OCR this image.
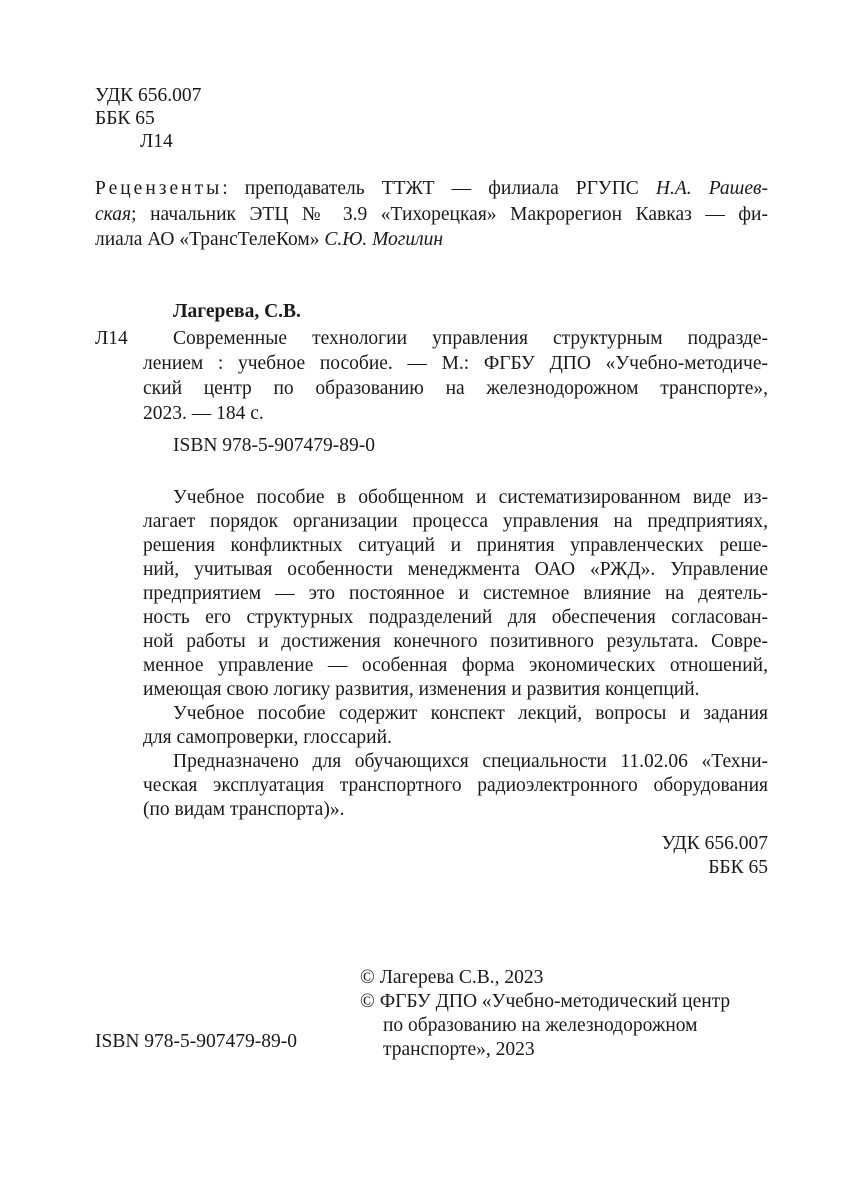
УДК 656.007
ББК 65
Л14
Рецензенты: преподаватель ТТЖТ — филиала РГУПС Н.А. Рашев-
ская; начальник ЭТЦ № 3.9 «Тихорецкая» Макрорегион Кавказ — фи-
лиала АО «ТрансТелеКом» С.Ю. Могилин
Лагерева, С.В.
Л14 Современные технологии управления структурным подразде-
лением : учебное пособие. — М.: ФГБУ ДПО «Учебно-методиче-
ский центр по образованию на железнодорожном транспорте»,
2023. — 184 с.
ISBN 978-5-907479-89-0
Учебное пособие в обобщенном и систематизированном виде из-
лагает порядок организации процесса управления на предприятиях,
решения конфликтных ситуаций и принятия управленческих реше-
ний, учитывая особенности менеджмента ОАО «РЖД». Управление
предприятием — это постоянное и системное влияние на деятель-
ность его структурных подразделений для обеспечения согласован-
ной работы и достижения конечного позитивного результата. Совре-
менное управление — особенная форма экономических отношений,
имеющая свою логику развития, изменения и развития концепций.
Учебное пособие содержит конспект лекций, вопросы и задания
для самопроверки, глоссарий.
Предназначено для обучающихся специальности 11.02.06 «Техни-
ческая эксплуатация транспортного радиоэлектронного оборудования
(по видам транспорта)».
УДК 656.007
ББК 65
© Лагерева С.В., 2023
© ФГБУ ДПО «Учебно-методический центр
по образованию на железнодорожном
транспорте», 2023
ISBN 978-5-907479-89-0
